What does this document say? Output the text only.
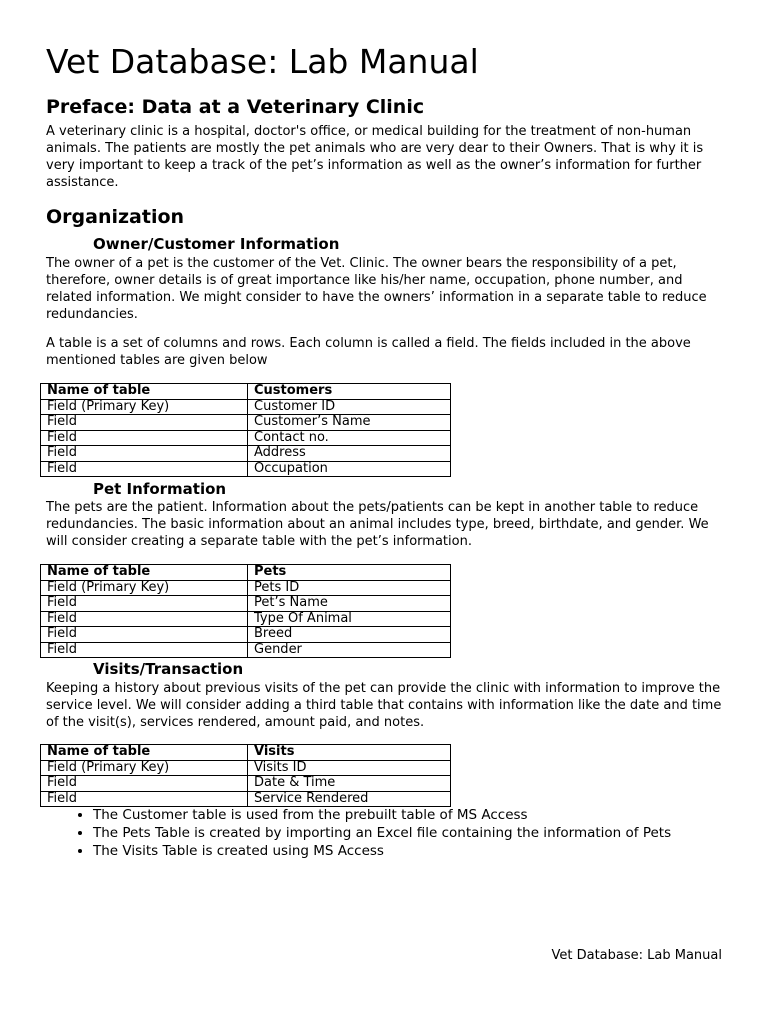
Vet Database: Lab Manual
Preface: Data at a Veterinary Clinic

A veterinary clinic is a hospital, doctor's office, or medical building for the treatment of non-human animals. The patients are mostly the pet animals who are very dear to their Owners. That is why it is very important to keep a track of the pet’s information as well as the owner’s information for further assistance.

Organization
Owner/Customer Information

The owner of a pet is the customer of the Vet. Clinic. The owner bears the responsibility of a pet, therefore, owner details is of great importance like his/her name, occupation, phone number, and related information. We might consider to have the owners’ information in a separate table to reduce redundancies.

A table is a set of columns and rows. Each column is called a field. The fields included in the above mentioned tables are given below

Name of table	Customers
Field (Primary Key)	Customer ID
Field	Customer’s Name
Field	Contact no.
Field	Address
Field	Occupation
Pet Information

The pets are the patient. Information about the pets/patients can be kept in another table to reduce redundancies. The basic information about an animal includes type, breed, birthdate, and gender. We will consider creating a separate table with the pet’s information.

Name of table	Pets
Field (Primary Key)	Pets ID
Field	Pet’s Name
Field	Type Of Animal
Field	Breed
Field	Gender
Visits/Transaction

Keeping a history about previous visits of the pet can provide the clinic with information to improve the service level. We will consider adding a third table that contains with information like the date and time of the visit(s), services rendered, amount paid, and notes.

Name of table	Visits
Field (Primary Key)	Visits ID
Field	Date & Time
Field	Service Rendered
• The Customer table is used from the prebuilt table of MS Access
• The Pets Table is created by importing an Excel file containing the information of Pets
• The Visits Table is created using MS Access
Vet Database: Lab Manual
